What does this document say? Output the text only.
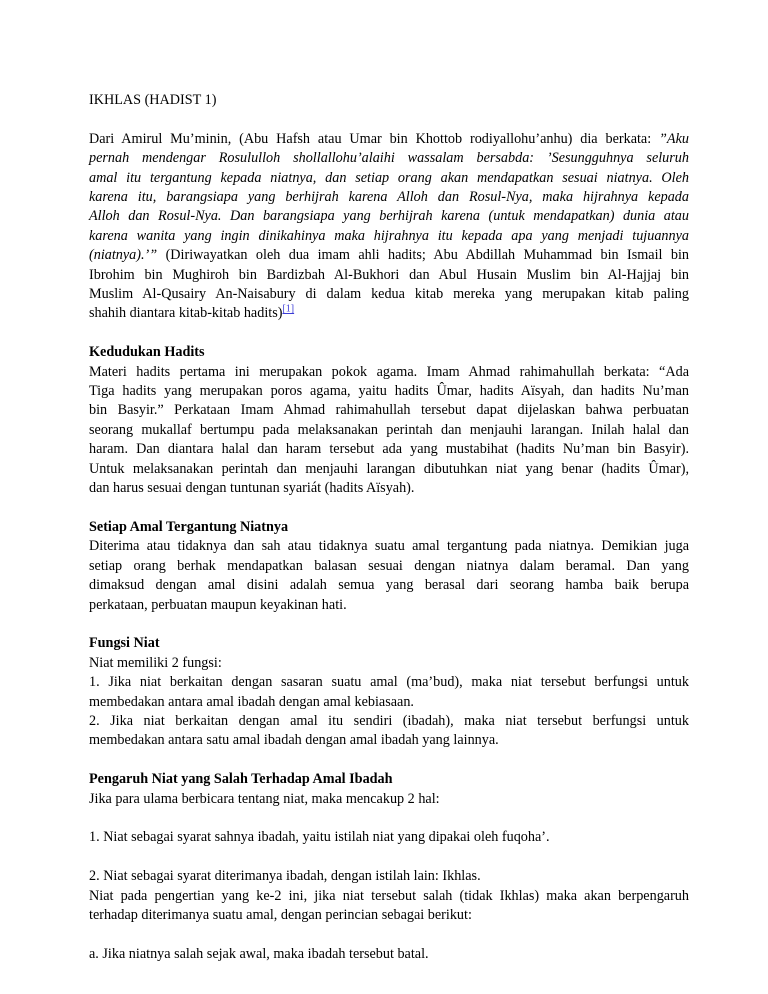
IKHLAS (HADIST 1)
Dari Amirul Mu’minin, (Abu Hafsh atau Umar bin Khottob rodiyallohu’anhu) dia berkata: ”Aku
pernah mendengar Rosululloh shollallohu’alaihi wassalam bersabda: ’Sesungguhnya seluruh
amal itu tergantung kepada niatnya, dan setiap orang akan mendapatkan sesuai niatnya. Oleh
karena itu, barangsiapa yang berhijrah karena Alloh dan Rosul-Nya, maka hijrahnya kepada
Alloh dan Rosul-Nya. Dan barangsiapa yang berhijrah karena (untuk mendapatkan) dunia atau
karena wanita yang ingin dinikahinya maka hijrahnya itu kepada apa yang menjadi tujuannya
(niatnya).’” (Diriwayatkan oleh dua imam ahli hadits; Abu Abdillah Muhammad bin Ismail bin
Ibrohim bin Mughiroh bin Bardizbah Al-Bukhori dan Abul Husain Muslim bin Al-Hajjaj bin
Muslim Al-Qusairy An-Naisabury di dalam kedua kitab mereka yang merupakan kitab paling
shahih diantara kitab-kitab hadits)[1]
Kedudukan Hadits
Materi hadits pertama ini merupakan pokok agama. Imam Ahmad rahimahullah berkata: “Ada
Tiga hadits yang merupakan poros agama, yaitu hadits Ûmar, hadits Aïsyah, dan hadits Nu’man
bin Basyir.” Perkataan Imam Ahmad rahimahullah tersebut dapat dijelaskan bahwa perbuatan
seorang mukallaf bertumpu pada melaksanakan perintah dan menjauhi larangan. Inilah halal dan
haram. Dan diantara halal dan haram tersebut ada yang mustabihat (hadits Nu’man bin Basyir).
Untuk melaksanakan perintah dan menjauhi larangan dibutuhkan niat yang benar (hadits Ûmar),
dan harus sesuai dengan tuntunan syariát (hadits Aïsyah).
Setiap Amal Tergantung Niatnya
Diterima atau tidaknya dan sah atau tidaknya suatu amal tergantung pada niatnya. Demikian juga
setiap orang berhak mendapatkan balasan sesuai dengan niatnya dalam beramal. Dan yang
dimaksud dengan amal disini adalah semua yang berasal dari seorang hamba baik berupa
perkataan, perbuatan maupun keyakinan hati.
Fungsi Niat
Niat memiliki 2 fungsi:
1. Jika niat berkaitan dengan sasaran suatu amal (ma’bud), maka niat tersebut berfungsi untuk
membedakan antara amal ibadah dengan amal kebiasaan.
2. Jika niat berkaitan dengan amal itu sendiri (ibadah), maka niat tersebut berfungsi untuk
membedakan antara satu amal ibadah dengan amal ibadah yang lainnya.
Pengaruh Niat yang Salah Terhadap Amal Ibadah
Jika para ulama berbicara tentang niat, maka mencakup 2 hal:
1. Niat sebagai syarat sahnya ibadah, yaitu istilah niat yang dipakai oleh fuqoha’.
2. Niat sebagai syarat diterimanya ibadah, dengan istilah lain: Ikhlas.
Niat pada pengertian yang ke-2 ini, jika niat tersebut salah (tidak Ikhlas) maka akan berpengaruh
terhadap diterimanya suatu amal, dengan perincian sebagai berikut:
a. Jika niatnya salah sejak awal, maka ibadah tersebut batal.
